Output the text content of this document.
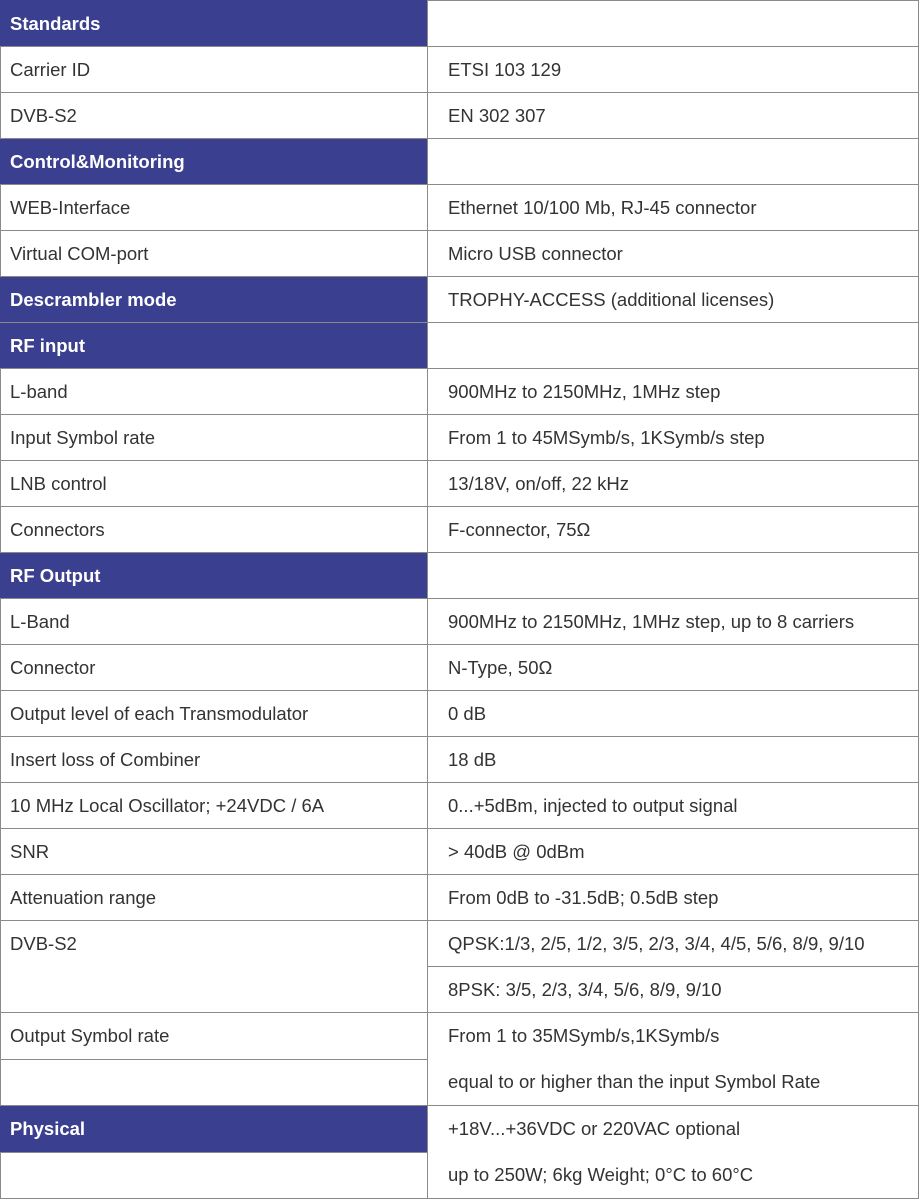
Standards	
Carrier ID	ETSI 103 129
DVB-S2	EN 302 307
Control&Monitoring	
WEB-Interface	Ethernet 10/100 Mb, RJ-45 connector
Virtual COM-port	Micro USB connector
Descrambler mode	TROPHY-ACCESS (additional licenses)
RF input	
L-band	900MHz to 2150MHz, 1MHz step
Input Symbol rate	From 1 to 45MSymb/s, 1KSymb/s step
LNB control	13/18V, on/off, 22 kHz
Connectors	F-connector, 75Ω
RF Output	
L-Band	900MHz to 2150MHz, 1MHz step, up to 8 carriers
Connector	N-Type, 50Ω
Output level of each Transmodulator	0 dB
Insert loss of Combiner	18 dB
10 MHz Local Oscillator; +24VDC / 6A	0...+5dBm, injected to output signal
SNR	> 40dB @ 0dBm
Attenuation range	From 0dB to -31.5dB; 0.5dB step
DVB-S2	QPSK:1/3, 2/5, 1/2, 3/5, 2/3, 3/4, 4/5, 5/6, 8/9, 9/10
	8PSK: 3/5, 2/3, 3/4, 5/6, 8/9, 9/10
Output Symbol rate	From 1 to 35MSymb/s,1KSymb/s
equal to or higher than the input Symbol Rate

Physical	+18V...+36VDC or 220VAC optional
up to 250W; 6kg Weight; 0°C to 60°C
